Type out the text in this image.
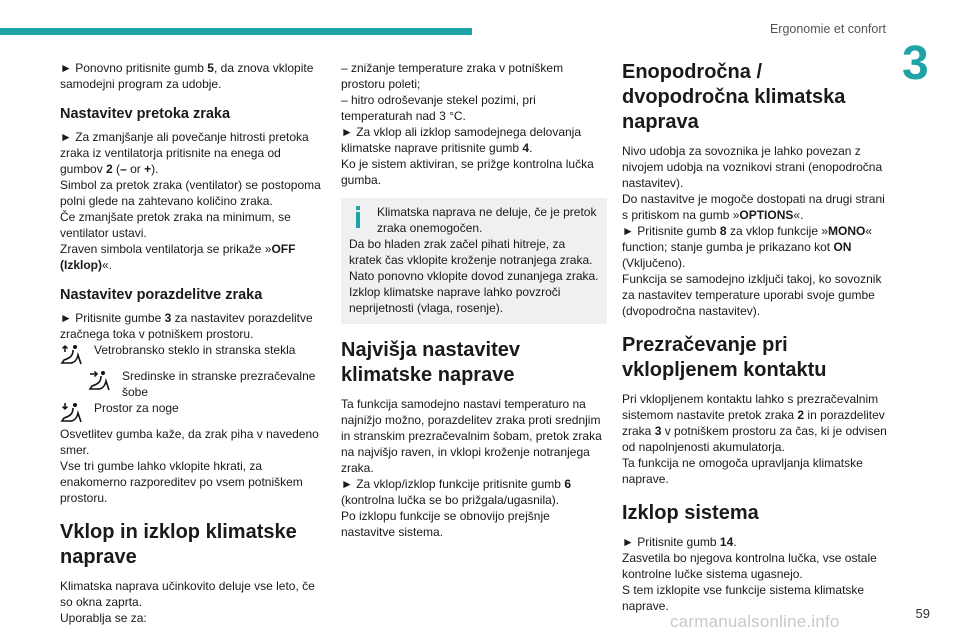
Ergonomie et confort
3

► Ponovno pritisnite gumb 5, da znova vklopite samodejni program za udobje.

Nastavitev pretoka zraka

► Za zmanjšanje ali povečanje hitrosti pretoka zraka iz ventilatorja pritisnite na enega od gumbov 2 (– or +).

Simbol za pretok zraka (ventilator) se postopoma polni glede na zahtevano količino zraka.

Če zmanjšate pretok zraka na minimum, se ventilator ustavi.

Zraven simbola ventilatorja se prikaže »OFF (Izklop)«.

Nastavitev porazdelitve zraka

► Pritisnite gumbe 3 za nastavitev porazdelitve zračnega toka v potniškem prostoru.

Vetrobransko steklo in stranska stekla
Sredinske in stranske prezračevalne šobe
Prostor za noge

Osvetlitev gumba kaže, da zrak piha v navedeno smer.

Vse tri gumbe lahko vklopite hkrati, za enakomerno razporeditev po vsem potniškem prostoru.

Vklop in izklop klimatske naprave

Klimatska naprava učinkovito deluje vse leto, če so okna zaprta.

Uporablja se za:

– znižanje temperature zraka v potniškem prostoru poleti;

– hitro odroševanje stekel pozimi, pri temperaturah nad 3 °C.

► Za vklop ali izklop samodejnega delovanja klimatske naprave pritisnite gumb 4.

Ko je sistem aktiviran, se prižge kontrolna lučka gumba.

Klimatska naprava ne deluje, če je pretok zraka onemogočen.

Da bo hladen zrak začel pihati hitreje, za kratek čas vklopite kroženje notranjega zraka.

Nato ponovno vklopite dovod zunanjega zraka.

Izklop klimatske naprave lahko povzroči neprijetnosti (vlaga, rosenje).

Najvišja nastavitev klimatske naprave

Ta funkcija samodejno nastavi temperaturo na najnižjo možno, porazdelitev zraka proti srednjim in stranskim prezračevalnim šobam, pretok zraka na najvišjo raven, in vklopi kroženje notranjega zraka.

► Za vklop/izklop funkcije pritisnite gumb 6 (kontrolna lučka se bo prižgala/ugasnila).

Po izklopu funkcije se obnovijo prejšnje nastavitve sistema.

Enopodročna / dvopodročna klimatska naprava

Nivo udobja za sovoznika je lahko povezan z nivojem udobja na voznikovi strani (enopodročna nastavitev).

Do nastavitve je mogoče dostopati na drugi strani s pritiskom na gumb »OPTIONS«.

► Pritisnite gumb 8 za vklop funkcije »MONO« function; stanje gumba je prikazano kot ON (Vključeno).

Funkcija se samodejno izključi takoj, ko sovoznik za nastavitev temperature uporabi svoje gumbe (dvopodročna nastavitev).

Prezračevanje pri vklopljenem kontaktu

Pri vklopljenem kontaktu lahko s prezračevalnim sistemom nastavite pretok zraka 2 in porazdelitev zraka 3 v potniškem prostoru za čas, ki je odvisen od napolnjenosti akumulatorja.

Ta funkcija ne omogoča upravljanja klimatske naprave.

Izklop sistema

► Pritisnite gumb 14.

Zasvetila bo njegova kontrolna lučka, vse ostale kontrolne lučke sistema ugasnejo.

S tem izklopite vse funkcije sistema klimatske naprave.

carmanualsonline.info	59
